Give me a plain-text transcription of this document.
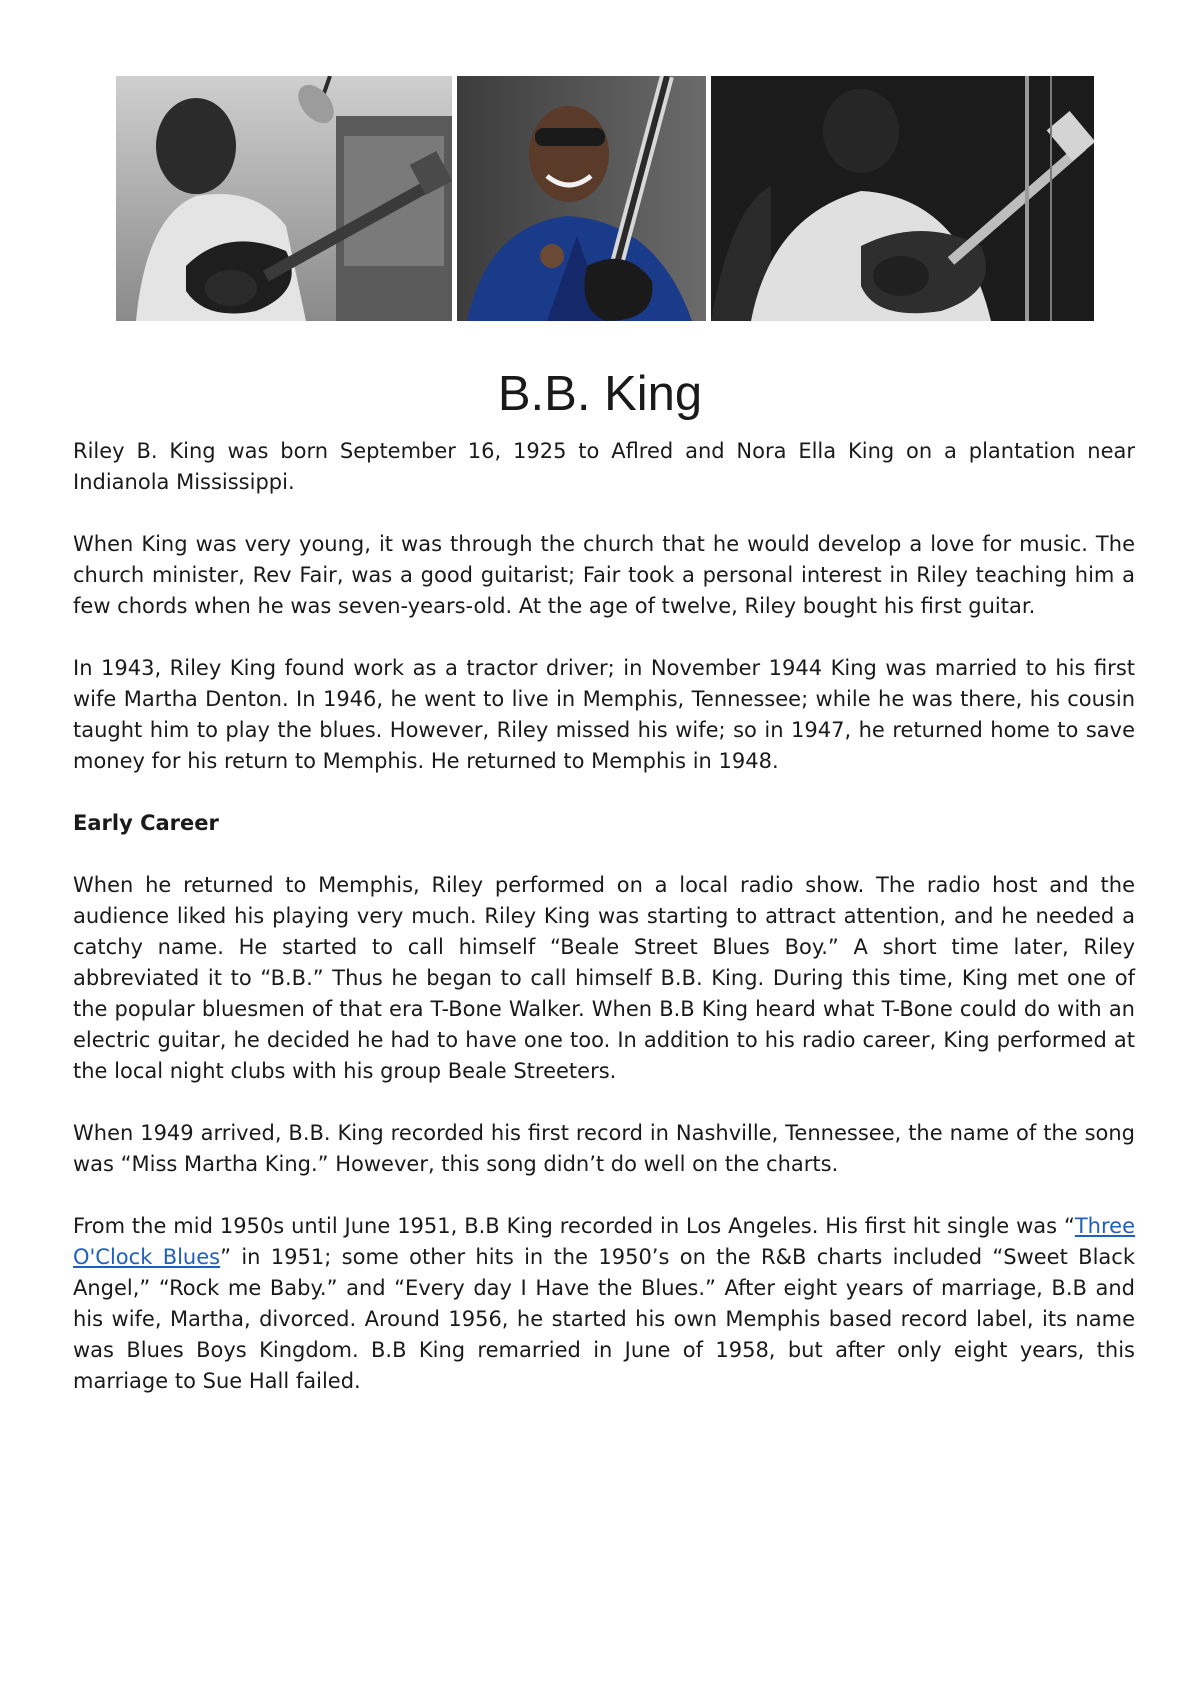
B.B. King

Riley B. King was born September 16, 1925 to Aflred and Nora Ella King on a plantation near Indianola Mississippi.

When King was very young, it was through the church that he would develop a love for music. The church minister, Rev Fair, was a good guitarist; Fair took a personal interest in Riley teaching him a few chords when he was seven-years-old. At the age of twelve, Riley bought his first guitar.

In 1943, Riley King found work as a tractor driver; in November 1944 King was married to his first wife Martha Denton. In 1946, he went to live in Memphis, Tennessee; while he was there, his cousin taught him to play the blues. However, Riley missed his wife; so in 1947, he returned home to save money for his return to Memphis. He returned to Memphis in 1948.

Early Career

When he returned to Memphis, Riley performed on a local radio show. The radio host and the audience liked his playing very much. Riley King was starting to attract attention, and he needed a catchy name. He started to call himself “Beale Street Blues Boy.” A short time later, Riley abbreviated it to “B.B.” Thus he began to call himself B.B. King. During this time, King met one of the popular bluesmen of that era T-Bone Walker. When B.B King heard what T-Bone could do with an electric guitar, he decided he had to have one too. In addition to his radio career, King performed at the local night clubs with his group Beale Streeters.

When 1949 arrived, B.B. King recorded his first record in Nashville, Tennessee, the name of the song was “Miss Martha King.” However, this song didn’t do well on the charts.

From the mid 1950s until June 1951, B.B King recorded in Los Angeles. His first hit single was “Three O'Clock Blues” in 1951; some other hits in the 1950’s on the R&B charts included “Sweet Black Angel,” “Rock me Baby.” and “Every day I Have the Blues.” After eight years of marriage, B.B and his wife, Martha, divorced. Around 1956, he started his own Memphis based record label, its name was Blues Boys Kingdom. B.B King remarried in June of 1958, but after only eight years, this marriage to Sue Hall failed.
